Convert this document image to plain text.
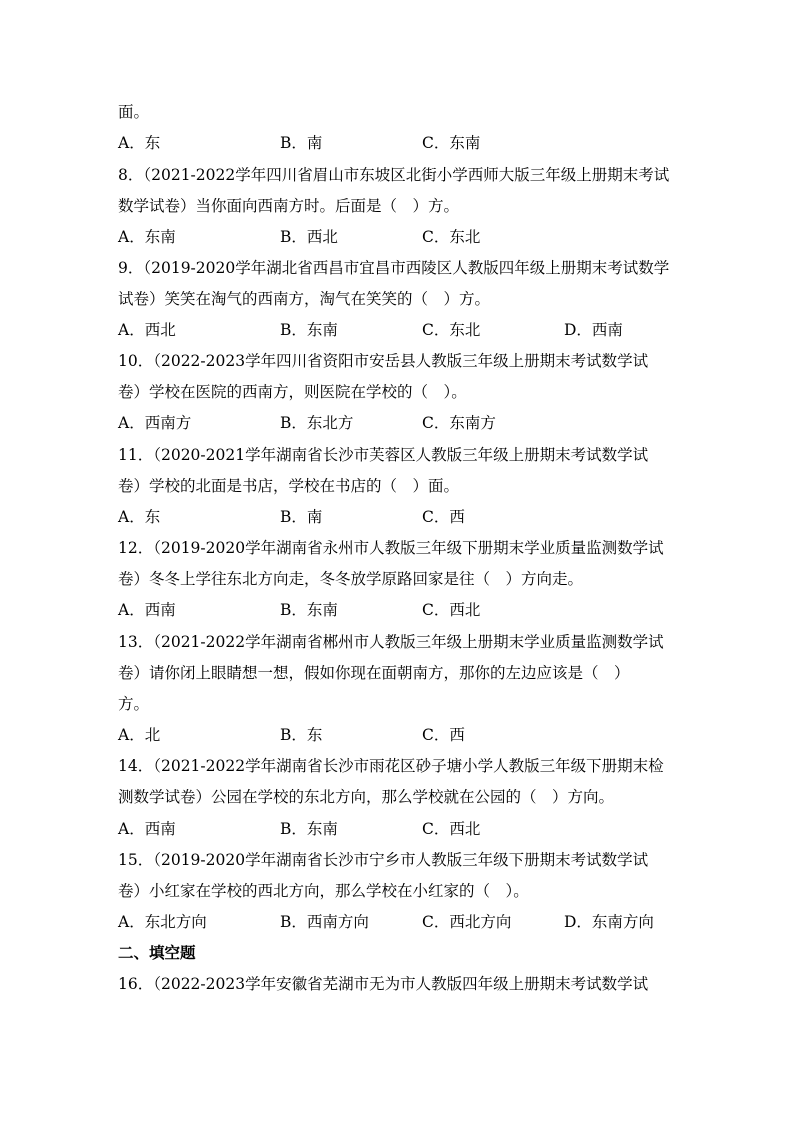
面。
A．东	B．南	C．东南
8．（2021-2022学年四川省眉山市东坡区北街小学西师大版三年级上册期末考试
数学试卷）当你面向西南方时。后面是（　）方。
A．东南	B．西北	C．东北
9．（2019-2020学年湖北省西昌市宜昌市西陵区人教版四年级上册期末考试数学
试卷）笑笑在淘气的西南方，淘气在笑笑的（　）方。
A．西北	B．东南	C．东北	D．西南
10．（2022-2023学年四川省资阳市安岳县人教版三年级上册期末考试数学试
卷）学校在医院的西南方，则医院在学校的（　）。
A．西南方	B．东北方	C．东南方
11．（2020-2021学年湖南省长沙市芙蓉区人教版三年级上册期末考试数学试
卷）学校的北面是书店，学校在书店的（　）面。
A．东	B．南	C．西
12．（2019-2020学年湖南省永州市人教版三年级下册期末学业质量监测数学试
卷）冬冬上学往东北方向走，冬冬放学原路回家是往（　）方向走。
A．西南	B．东南	C．西北
13．（2021-2022学年湖南省郴州市人教版三年级上册期末学业质量监测数学试
卷）请你闭上眼睛想一想，假如你现在面朝南方，那你的左边应该是（　）
方。
A．北	B．东	C．西
14．（2021-2022学年湖南省长沙市雨花区砂子塘小学人教版三年级下册期末检
测数学试卷）公园在学校的东北方向，那么学校就在公园的（　）方向。
A．西南	B．东南	C．西北
15．（2019-2020学年湖南省长沙市宁乡市人教版三年级下册期末考试数学试
卷）小红家在学校的西北方向，那么学校在小红家的（　）。
A．东北方向	B．西南方向	C．西北方向	D．东南方向
二、填空题
16．（2022-2023学年安徽省芜湖市无为市人教版四年级上册期末考试数学试
